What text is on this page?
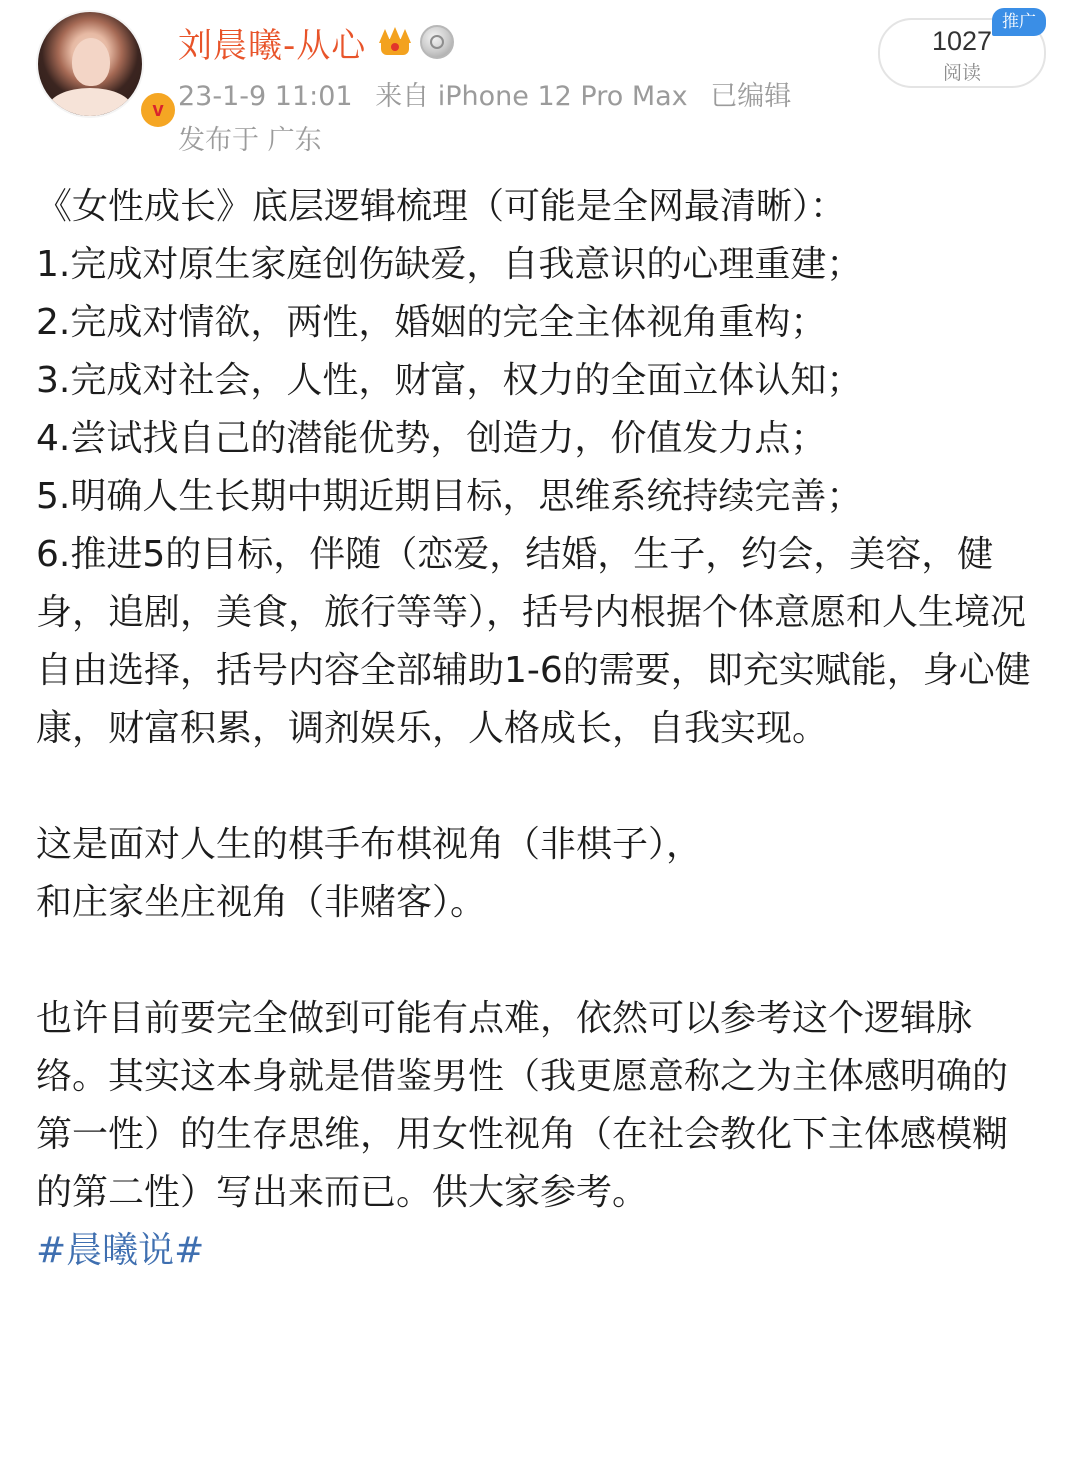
v
刘晨曦-从心
23-1-9 11:01 来自 iPhone 12 Pro Max 已编辑
发布于 广东
1027
阅读
推广

《女性成长》底层逻辑梳理（可能是全网最清晰）：

1.完成对原生家庭创伤缺爱，自我意识的心理重建；

2.完成对情欲，两性，婚姻的完全主体视角重构；

3.完成对社会，人性，财富，权力的全面立体认知；

4.尝试找自己的潜能优势，创造力，价值发力点；

5.明确人生长期中期近期目标，思维系统持续完善；

6.推进5的目标，伴随（恋爱，结婚，生子，约会，美容，健身，追剧，美食，旅行等等），括号内根据个体意愿和人生境况自由选择，括号内容全部辅助1-6的需要，即充实赋能，身心健康，财富积累，调剂娱乐，人格成长，自我实现。

这是面对人生的棋手布棋视角（非棋子），

和庄家坐庄视角（非赌客）。

也许目前要完全做到可能有点难，依然可以参考这个逻辑脉络。其实这本身就是借鉴男性（我更愿意称之为主体感明确的第一性）的生存思维，用女性视角（在社会教化下主体感模糊的第二性）写出来而已。供大家参考。

#晨曦说#
